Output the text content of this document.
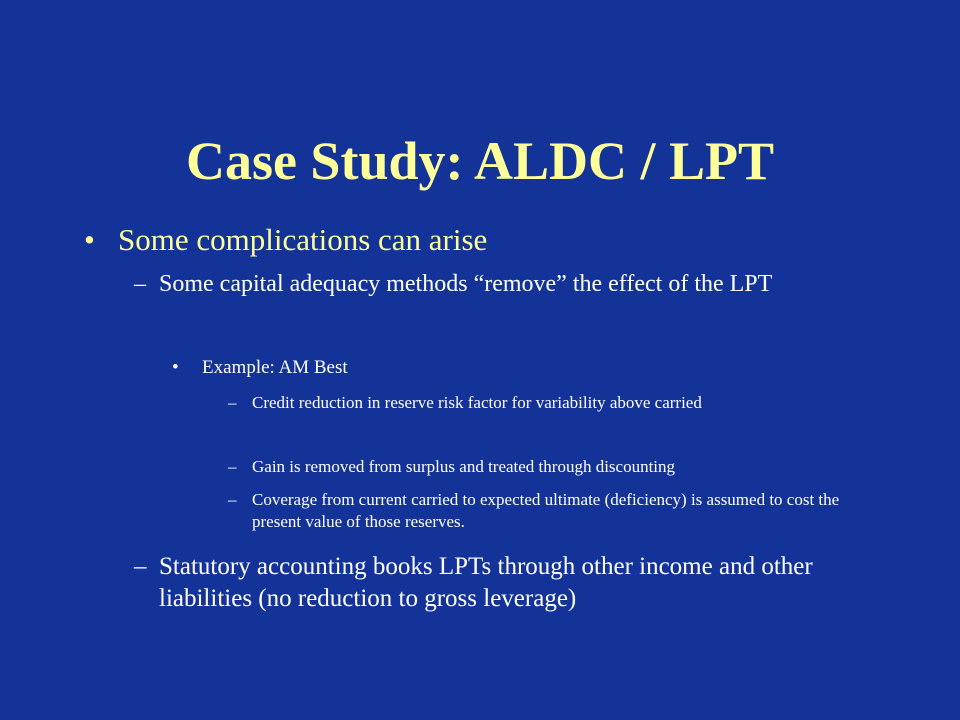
Case Study: ALDC / LPT
• Some complications can arise
– Some capital adequacy methods “remove” the effect of the LPT
•	Example: AM Best
– Credit reduction in reserve risk factor for variability above carried
– Gain is removed from surplus and treated through discounting
– Coverage from current carried to expected ultimate (deficiency) is assumed to cost the present value of those reserves.
– Statutory accounting books LPTs through other income and other liabilities (no reduction to gross leverage)
